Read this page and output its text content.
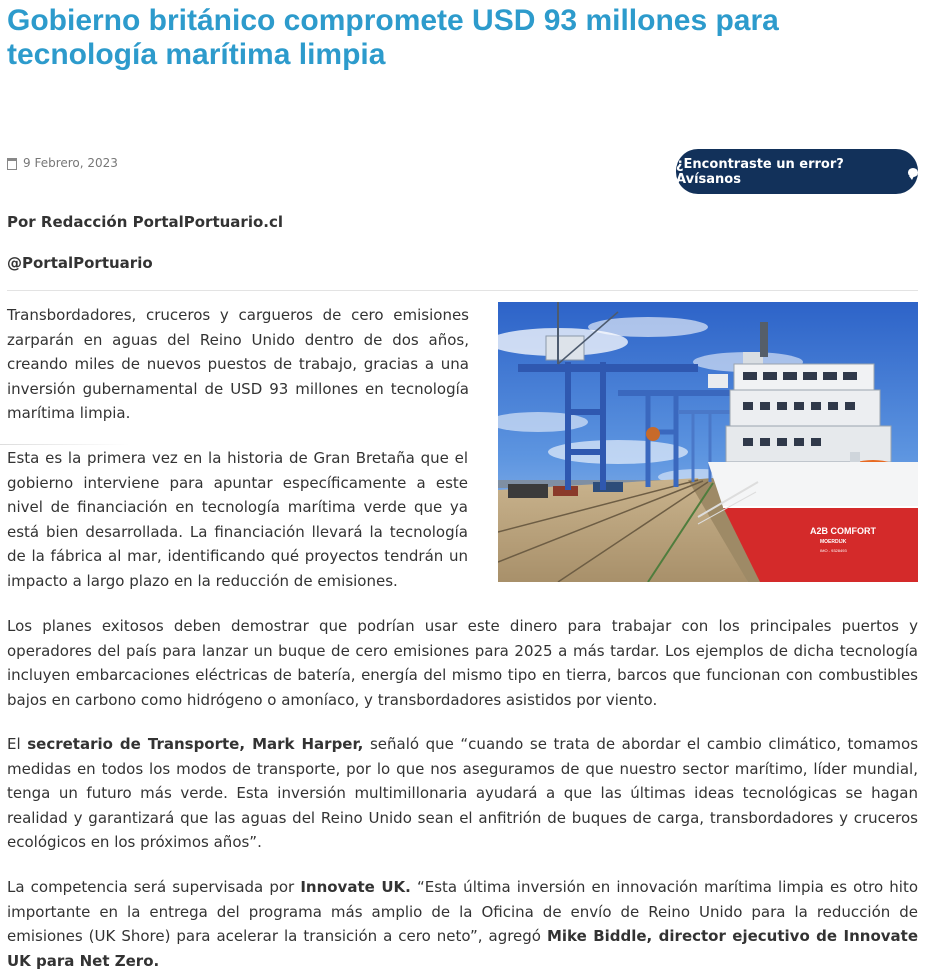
Gobierno británico compromete USD 93 millones para tecnología marítima limpia
9 Febrero, 2023	¿Encontraste un error? Avísanos
Por Redacción PortalPortuario.cl
@PortalPortuario

Transbordadores, cruceros y cargueros de cero emisiones zarparán en aguas del Reino Unido dentro de dos años, creando miles de nuevos puestos de trabajo, gracias a una inversión gubernamental de USD 93 millones en tecnología marítima limpia.

Esta es la primera vez en la historia de Gran Bretaña que el gobierno interviene para apuntar específicamente a este nivel de financiación en tecnología marítima verde que ya está bien desarrollada. La financiación llevará la tecnología de la fábrica al mar, identificando qué proyectos tendrán un impacto a largo plazo en la reducción de emisiones.

A2B COMFORT
MOERDIJK
IMO - 9328493

Los planes exitosos deben demostrar que podrían usar este dinero para trabajar con los principales puertos y operadores del país para lanzar un buque de cero emisiones para 2025 a más tardar. Los ejemplos de dicha tecnología incluyen embarcaciones eléctricas de batería, energía del mismo tipo en tierra, barcos que funcionan con combustibles bajos en carbono como hidrógeno o amoníaco, y transbordadores asistidos por viento.

El secretario de Transporte, Mark Harper, señaló que “cuando se trata de abordar el cambio climático, tomamos medidas en todos los modos de transporte, por lo que nos aseguramos de que nuestro sector marítimo, líder mundial, tenga un futuro más verde. Esta inversión multimillonaria ayudará a que las últimas ideas tecnológicas se hagan realidad y garantizará que las aguas del Reino Unido sean el anfitrión de buques de carga, transbordadores y cruceros ecológicos en los próximos años”.

La competencia será supervisada por Innovate UK. “Esta última inversión en innovación marítima limpia es otro hito importante en la entrega del programa más amplio de la Oficina de envío de Reino Unido para la reducción de emisiones (UK Shore) para acelerar la transición a cero neto”, agregó Mike Biddle, director ejecutivo de Innovate UK para Net Zero.
